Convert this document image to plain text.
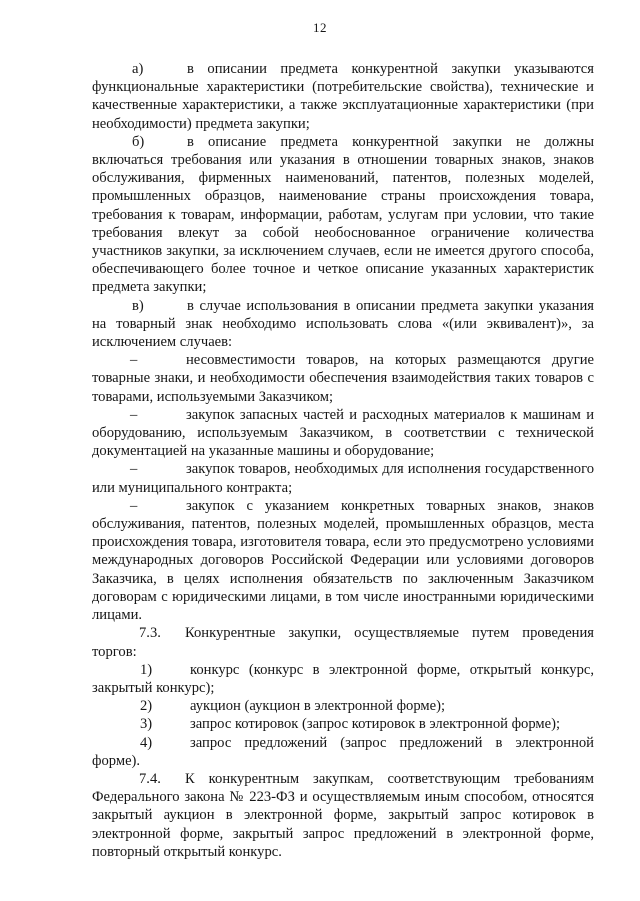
12

а)	в описании предмета конкурентной закупки указываются функциональные характеристики (потребительские свойства), технические и качественные характеристики, а также эксплуатационные характеристики (при необходимости) предмета закупки;

б)	в описание предмета конкурентной закупки не должны включаться требования или указания в отношении товарных знаков, знаков обслуживания, фирменных наименований, патентов, полезных моделей, промышленных образцов, наименование страны происхождения товара, требования к товарам, информации, работам, услугам при условии, что такие требования влекут за собой необоснованное ограничение количества участников закупки, за исключением случаев, если не имеется другого способа, обеспечивающего более точное и четкое описание указанных характеристик предмета закупки;

в)	в случае использования в описании предмета закупки указания на товарный знак необходимо использовать слова «(или эквивалент)», за исключением случаев:

–	несовместимости товаров, на которых размещаются другие товарные знаки, и необходимости обеспечения взаимодействия таких товаров с товарами, используемыми Заказчиком;

–	закупок запасных частей и расходных материалов к машинам и оборудованию, используемым Заказчиком, в соответствии с технической документацией на указанные машины и оборудование;

–	закупок товаров, необходимых для исполнения государственного или муниципального контракта;

–	закупок с указанием конкретных товарных знаков, знаков обслуживания, патентов, полезных моделей, промышленных образцов, места происхождения товара, изготовителя товара, если это предусмотрено условиями международных договоров Российской Федерации или условиями договоров Заказчика, в целях исполнения обязательств по заключенным Заказчиком договорам с юридическими лицами, в том числе иностранными юридическими лицами.

7.3. Конкурентные закупки, осуществляемые путем проведения торгов:

1)	конкурс (конкурс в электронной форме, открытый конкурс, закрытый конкурс);

2)	аукцион (аукцион в электронной форме);

3)	запрос котировок (запрос котировок в электронной форме);

4)	запрос предложений (запрос предложений в электронной форме).

7.4. К конкурентным закупкам, соответствующим требованиям Федерального закона № 223-ФЗ и осуществляемым иным способом, относятся закрытый аукцион в электронной форме, закрытый запрос котировок в электронной форме, закрытый запрос предложений в электронной форме, повторный открытый конкурс.
